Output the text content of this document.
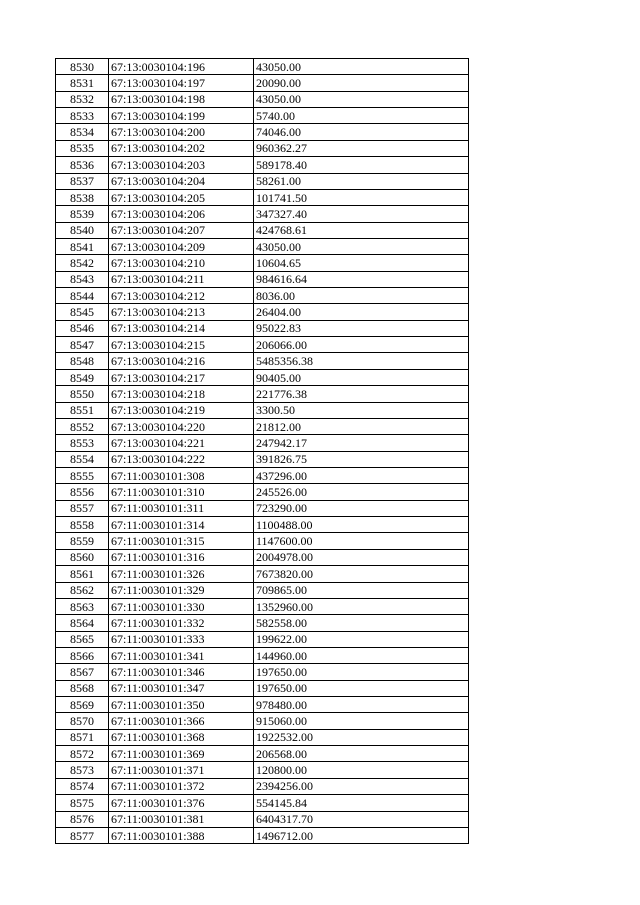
8530	67:13:0030104:196	43050.00
8531	67:13:0030104:197	20090.00
8532	67:13:0030104:198	43050.00
8533	67:13:0030104:199	5740.00
8534	67:13:0030104:200	74046.00
8535	67:13:0030104:202	960362.27
8536	67:13:0030104:203	589178.40
8537	67:13:0030104:204	58261.00
8538	67:13:0030104:205	101741.50
8539	67:13:0030104:206	347327.40
8540	67:13:0030104:207	424768.61
8541	67:13:0030104:209	43050.00
8542	67:13:0030104:210	10604.65
8543	67:13:0030104:211	984616.64
8544	67:13:0030104:212	8036.00
8545	67:13:0030104:213	26404.00
8546	67:13:0030104:214	95022.83
8547	67:13:0030104:215	206066.00
8548	67:13:0030104:216	5485356.38
8549	67:13:0030104:217	90405.00
8550	67:13:0030104:218	221776.38
8551	67:13:0030104:219	3300.50
8552	67:13:0030104:220	21812.00
8553	67:13:0030104:221	247942.17
8554	67:13:0030104:222	391826.75
8555	67:11:0030101:308	437296.00
8556	67:11:0030101:310	245526.00
8557	67:11:0030101:311	723290.00
8558	67:11:0030101:314	1100488.00
8559	67:11:0030101:315	1147600.00
8560	67:11:0030101:316	2004978.00
8561	67:11:0030101:326	7673820.00
8562	67:11:0030101:329	709865.00
8563	67:11:0030101:330	1352960.00
8564	67:11:0030101:332	582558.00
8565	67:11:0030101:333	199622.00
8566	67:11:0030101:341	144960.00
8567	67:11:0030101:346	197650.00
8568	67:11:0030101:347	197650.00
8569	67:11:0030101:350	978480.00
8570	67:11:0030101:366	915060.00
8571	67:11:0030101:368	1922532.00
8572	67:11:0030101:369	206568.00
8573	67:11:0030101:371	120800.00
8574	67:11:0030101:372	2394256.00
8575	67:11:0030101:376	554145.84
8576	67:11:0030101:381	6404317.70
8577	67:11:0030101:388	1496712.00
